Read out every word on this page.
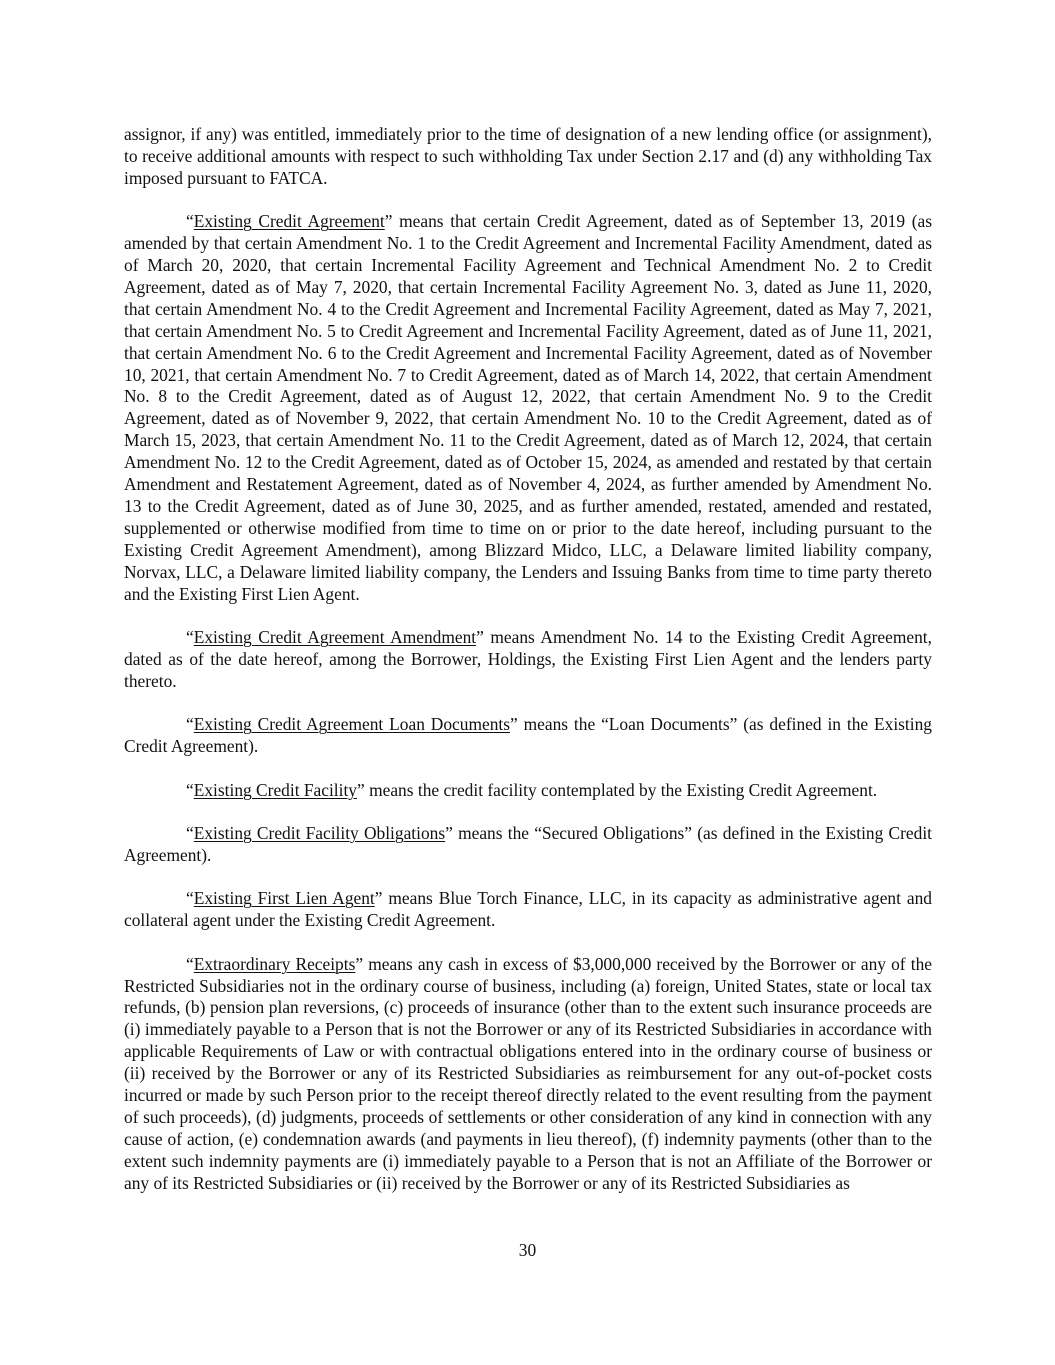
assignor, if any) was entitled, immediately prior to the time of designation of a new lending office (or assignment), to receive additional amounts with respect to such withholding Tax under Section 2.17 and (d) any withholding Tax imposed pursuant to FATCA.

“Existing Credit Agreement” means that certain Credit Agreement, dated as of September 13, 2019 (as amended by that certain Amendment No. 1 to the Credit Agreement and Incremental Facility Amendment, dated as of March 20, 2020, that certain Incremental Facility Agreement and Technical Amendment No. 2 to Credit Agreement, dated as of May 7, 2020, that certain Incremental Facility Agreement No. 3, dated as June 11, 2020, that certain Amendment No. 4 to the Credit Agreement and Incremental Facility Agreement, dated as May 7, 2021, that certain Amendment No. 5 to Credit Agreement and Incremental Facility Agreement, dated as of June 11, 2021, that certain Amendment No. 6 to the Credit Agreement and Incremental Facility Agreement, dated as of November 10, 2021, that certain Amendment No. 7 to Credit Agreement, dated as of March 14, 2022, that certain Amendment No. 8 to the Credit Agreement, dated as of August 12, 2022, that certain Amendment No. 9 to the Credit Agreement, dated as of November 9, 2022, that certain Amendment No. 10 to the Credit Agreement, dated as of March 15, 2023, that certain Amendment No. 11 to the Credit Agreement, dated as of March 12, 2024, that certain Amendment No. 12 to the Credit Agreement, dated as of October 15, 2024, as amended and restated by that certain Amendment and Restatement Agreement, dated as of November 4, 2024, as further amended by Amendment No. 13 to the Credit Agreement, dated as of June 30, 2025, and as further amended, restated, amended and restated, supplemented or otherwise modified from time to time on or prior to the date hereof, including pursuant to the Existing Credit Agreement Amendment), among Blizzard Midco, LLC, a Delaware limited liability company, Norvax, LLC, a Delaware limited liability company, the Lenders and Issuing Banks from time to time party thereto and the Existing First Lien Agent.

“Existing Credit Agreement Amendment” means Amendment No. 14 to the Existing Credit Agreement, dated as of the date hereof, among the Borrower, Holdings, the Existing First Lien Agent and the lenders party thereto.

“Existing Credit Agreement Loan Documents” means the “Loan Documents” (as defined in the Existing Credit Agreement).

“Existing Credit Facility” means the credit facility contemplated by the Existing Credit Agreement.

“Existing Credit Facility Obligations” means the “Secured Obligations” (as defined in the Existing Credit Agreement).

“Existing First Lien Agent” means Blue Torch Finance, LLC, in its capacity as administrative agent and collateral agent under the Existing Credit Agreement.

“Extraordinary Receipts” means any cash in excess of $3,000,000 received by the Borrower or any of the Restricted Subsidiaries not in the ordinary course of business, including (a) foreign, United States, state or local tax refunds, (b) pension plan reversions, (c) proceeds of insurance (other than to the extent such insurance proceeds are (i) immediately payable to a Person that is not the Borrower or any of its Restricted Subsidiaries in accordance with applicable Requirements of Law or with contractual obligations entered into in the ordinary course of business or (ii) received by the Borrower or any of its Restricted Subsidiaries as reimbursement for any out-of-pocket costs incurred or made by such Person prior to the receipt thereof directly related to the event resulting from the payment of such proceeds), (d) judgments, proceeds of settlements or other consideration of any kind in connection with any cause of action, (e) condemnation awards (and payments in lieu thereof), (f) indemnity payments (other than to the extent such indemnity payments are (i) immediately payable to a Person that is not an Affiliate of the Borrower or any of its Restricted Subsidiaries or (ii) received by the Borrower or any of its Restricted Subsidiaries as

30
